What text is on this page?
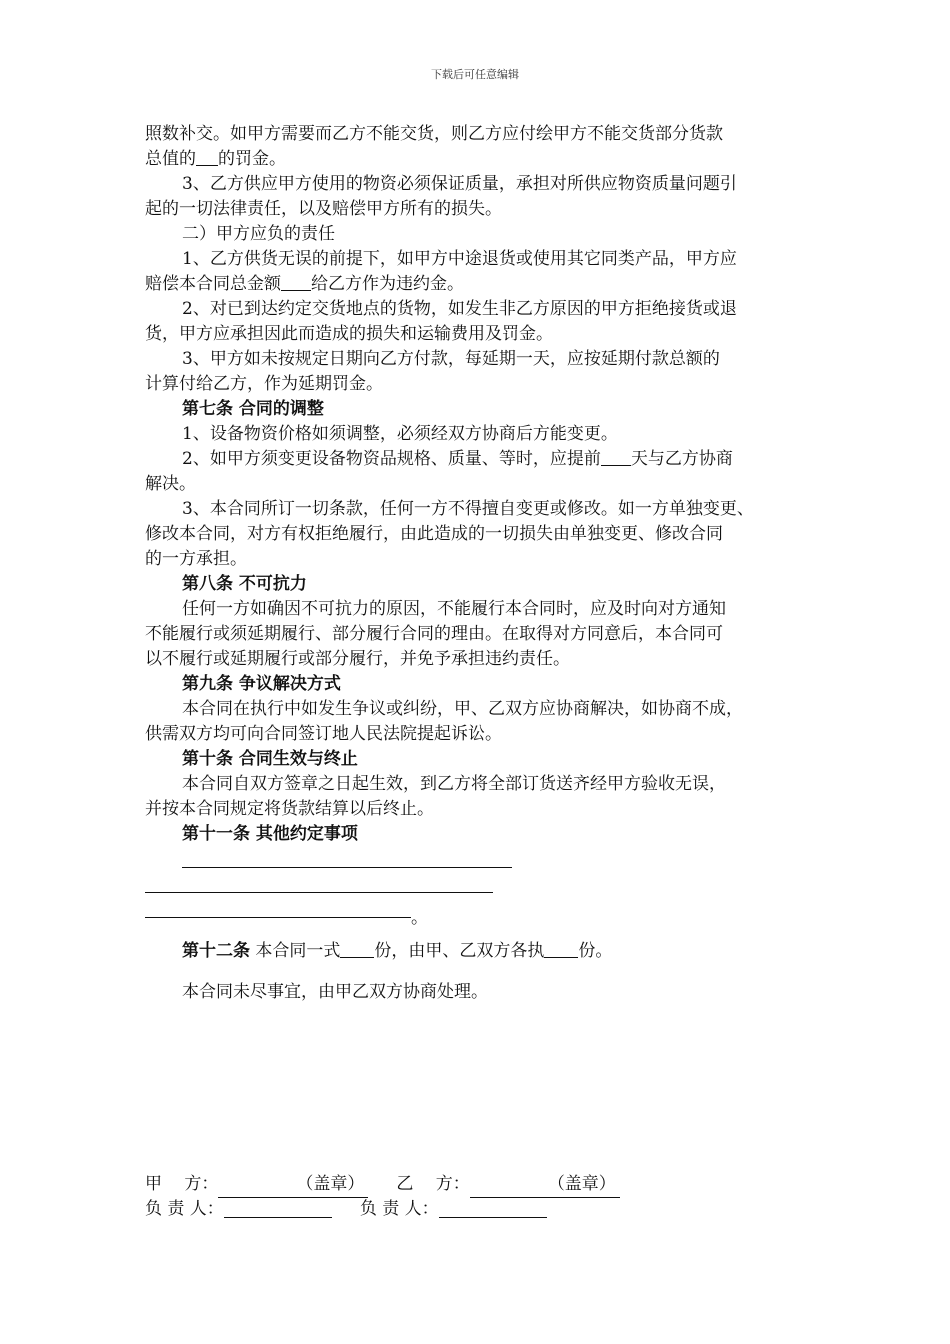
下载后可任意编辑
照数补交。如甲方需要而乙方不能交货，则乙方应付绘甲方不能交货部分货款
总值的 的罚金。
3、乙方供应甲方使用的物资必须保证质量，承担对所供应物资质量问题引
起的一切法律责任，以及赔偿甲方所有的损失。
二）甲方应负的责任
1、乙方供货无误的前提下，如甲方中途退货或使用其它同类产品，甲方应
赔偿本合同总金额 给乙方作为违约金。
2、对已到达约定交货地点的货物，如发生非乙方原因的甲方拒绝接货或退
货，甲方应承担因此而造成的损失和运输费用及罚金。
3、甲方如未按规定日期向乙方付款，每延期一天，应按延期付款总额的
计算付给乙方，作为延期罚金。
第七条 合同的调整
1、设备物资价格如须调整，必须经双方协商后方能变更。
2、如甲方须变更设备物资品规格、质量、等时，应提前 天与乙方协商
解决。
3、本合同所订一切条款，任何一方不得擅自变更或修改。如一方单独变更、
修改本合同，对方有权拒绝履行，由此造成的一切损失由单独变更、修改合同
的一方承担。
第八条 不可抗力
任何一方如确因不可抗力的原因，不能履行本合同时，应及时向对方通知
不能履行或须延期履行、部分履行合同的理由。在取得对方同意后，本合同可
以不履行或延期履行或部分履行，并免予承担违约责任。
第九条 争议解决方式
本合同在执行中如发生争议或纠纷，甲、乙双方应协商解决，如协商不成，
供需双方均可向合同签订地人民法院提起诉讼。
第十条 合同生效与终止
本合同自双方签章之日起生效，到乙方将全部订货送齐经甲方验收无误，
并按本合同规定将货款结算以后终止。
第十一条 其他约定事项
。
第十二条 本合同一式 份，由甲、乙双方各执 份。
本合同未尽事宜，由甲乙双方协商处理。
甲　 方：	（盖章） 乙　 方：	（盖章）
负 责 人：	负 责 人：
